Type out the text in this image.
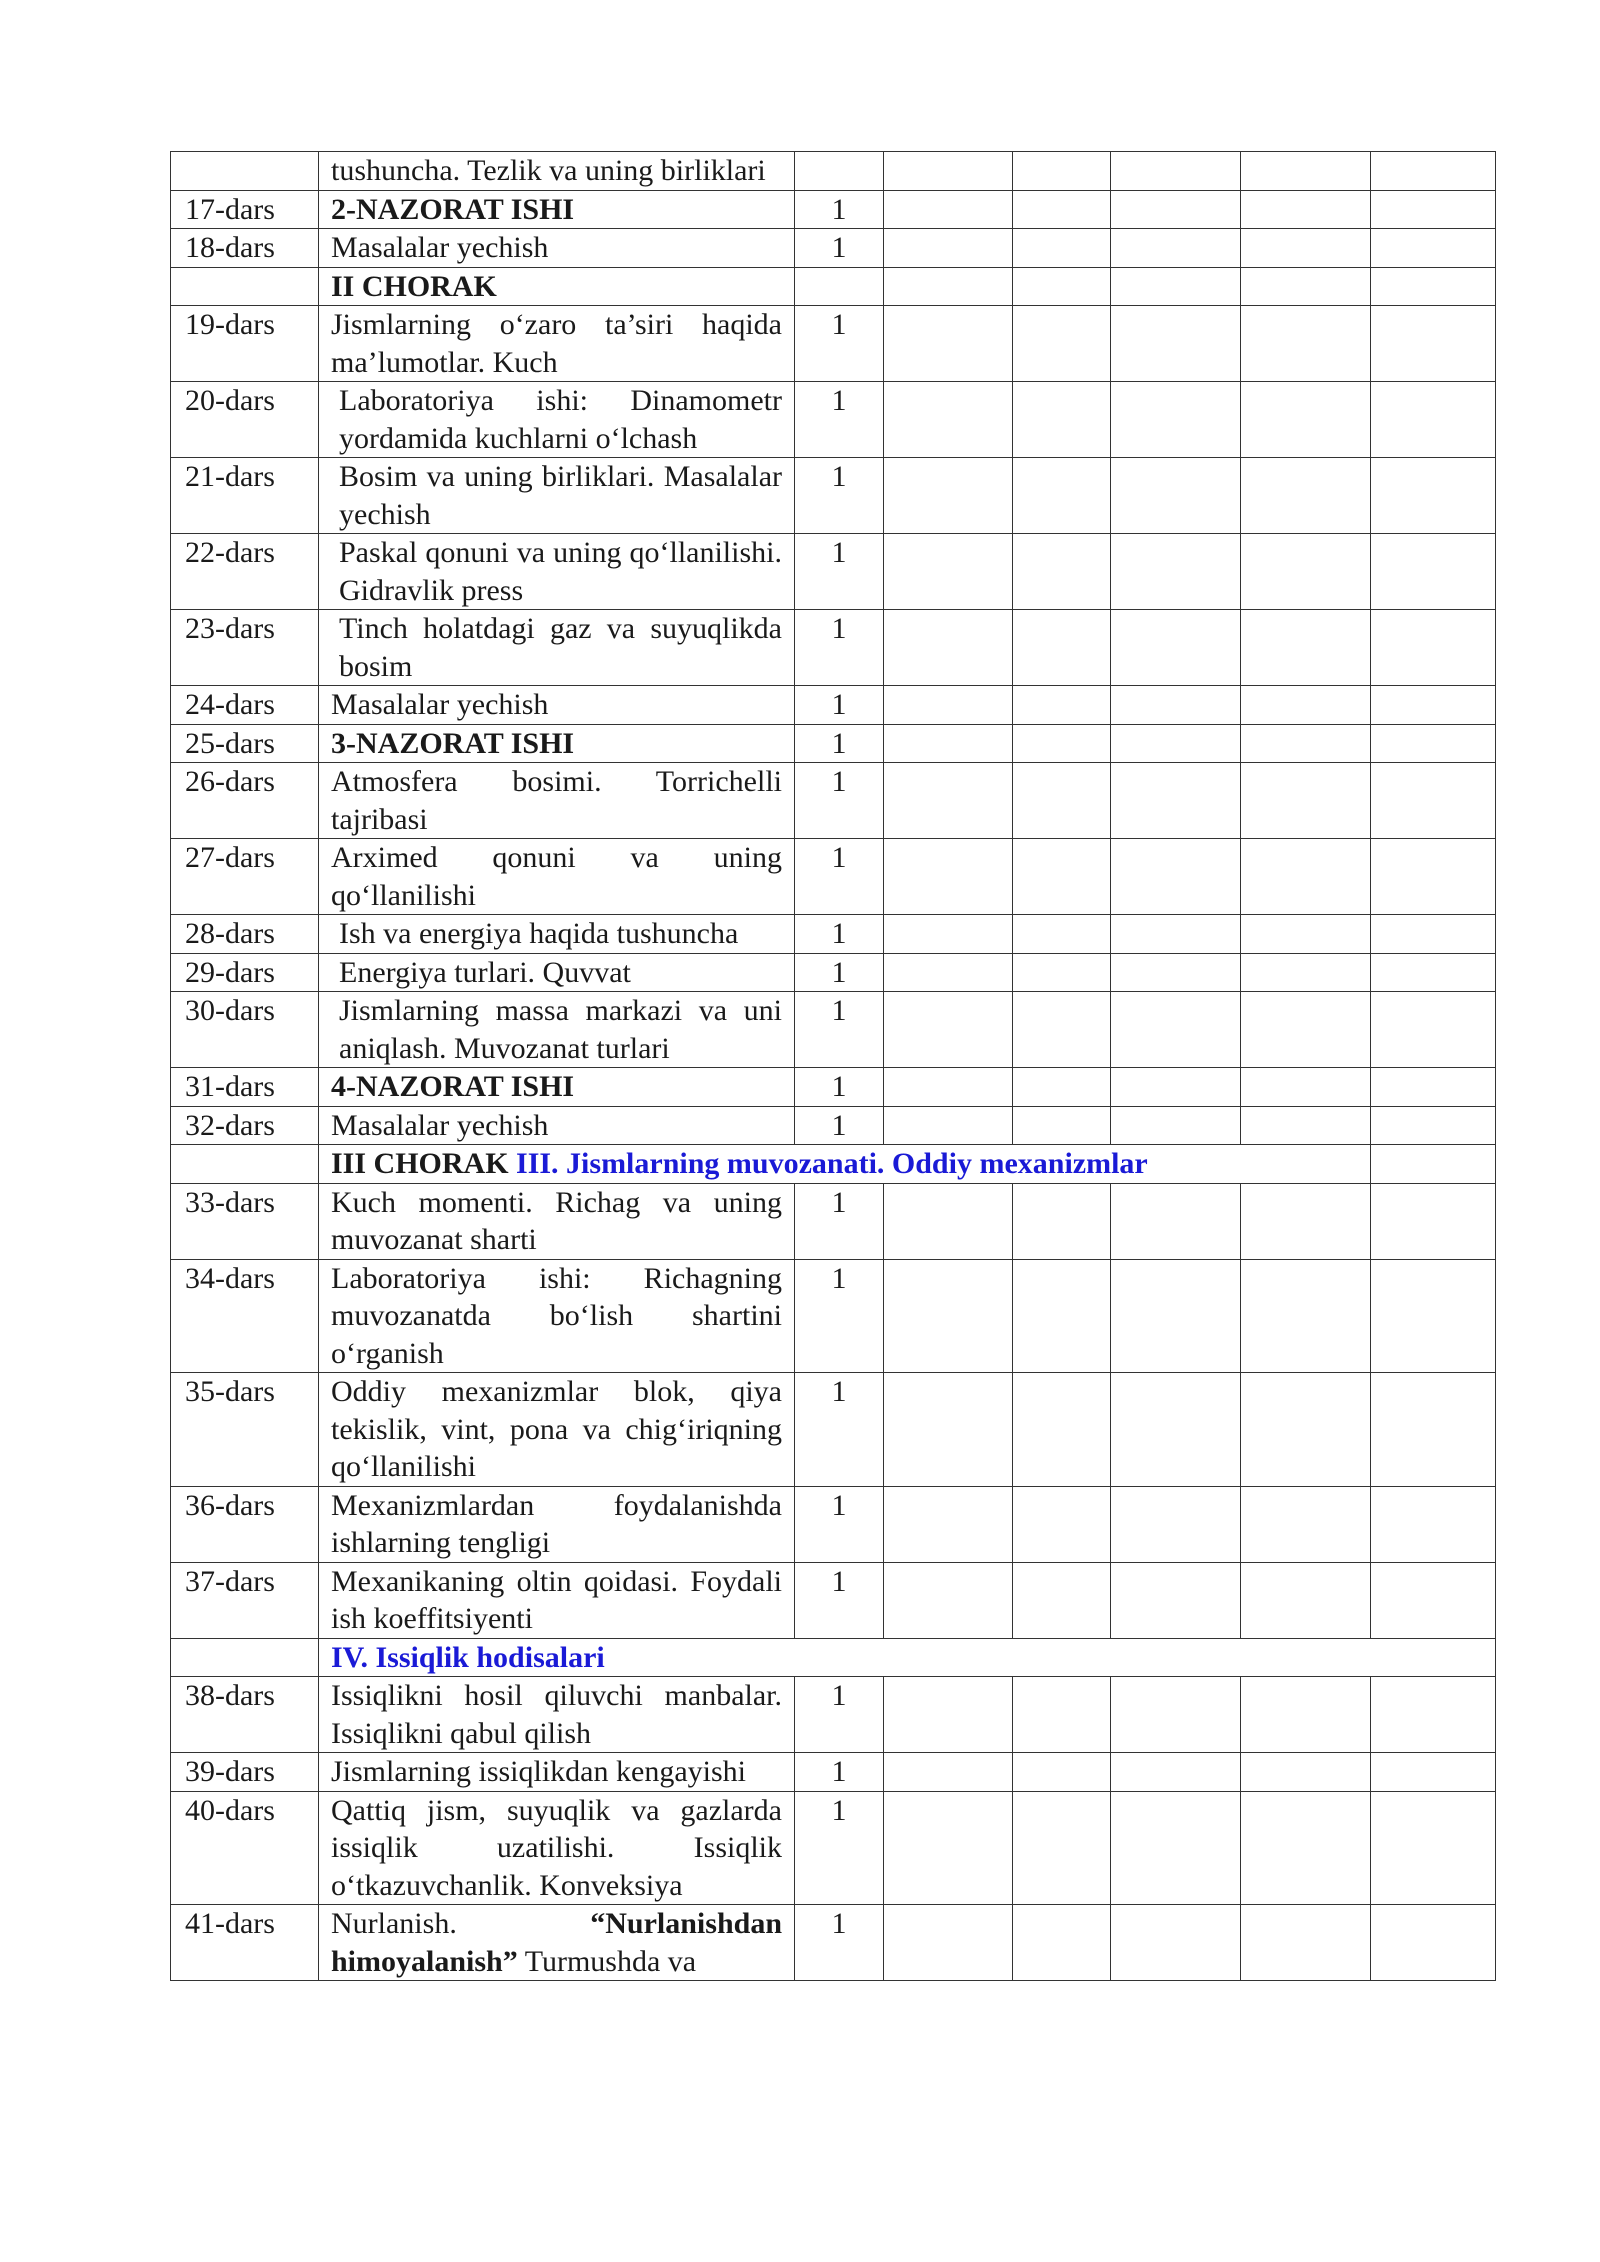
	tushuncha. Tezlik va uning birliklari						
17-dars	2-NAZORAT ISHI	1					
18-dars	Masalalar yechish	1					
	II CHORAK						
19-dars	Jismlarning o‘zaro ta’siri haqida ma’lumotlar. Kuch	1					
20-dars	Laboratoriya ishi: Dinamometr yordamida kuchlarni o‘lchash	1					
21-dars	Bosim va uning birliklari. Masalalar yechish	1					
22-dars	Paskal qonuni va uning qo‘llanilishi. Gidravlik press	1					
23-dars	Tinch holatdagi gaz va suyuqlikda bosim	1					
24-dars	Masalalar yechish	1					
25-dars	3-NAZORAT ISHI	1					
26-dars	Atmosfera bosimi. Torrichelli tajribasi	1					
27-dars	Arximed qonuni va uning qo‘llanilishi	1					
28-dars	Ish va energiya haqida tushuncha	1					
29-dars	Energiya turlari. Quvvat	1					
30-dars	Jismlarning massa markazi va uni aniqlash. Muvozanat turlari	1					
31-dars	4-NAZORAT ISHI	1					
32-dars	Masalalar yechish	1					
	III CHORAK III. Jismlarning muvozanati. Oddiy mexanizmlar						
33-dars	Kuch momenti. Richag va uning muvozanat sharti	1					
34-dars	Laboratoriya ishi: Richagning muvozanatda bo‘lish shartini o‘rganish	1					
35-dars	Oddiy mexanizmlar blok, qiya tekislik, vint, pona va chig‘iriqning qo‘llanilishi	1					
36-dars	Mexanizmlardan foydalanishda ishlarning tengligi	1					
37-dars	Mexanikaning oltin qoidasi. Foydali ish koeffitsiyenti	1					
	IV. Issiqlik hodisalari						
38-dars	Issiqlikni hosil qiluvchi manbalar. Issiqlikni qabul qilish	1					
39-dars	Jismlarning issiqlikdan kengayishi	1					
40-dars	Qattiq jism, suyuqlik va gazlarda issiqlik uzatilishi. Issiqlik o‘tkazuvchanlik. Konveksiya	1					
41-dars	Nurlanish. “Nurlanishdan himoyalanish” Turmushda va	1					
